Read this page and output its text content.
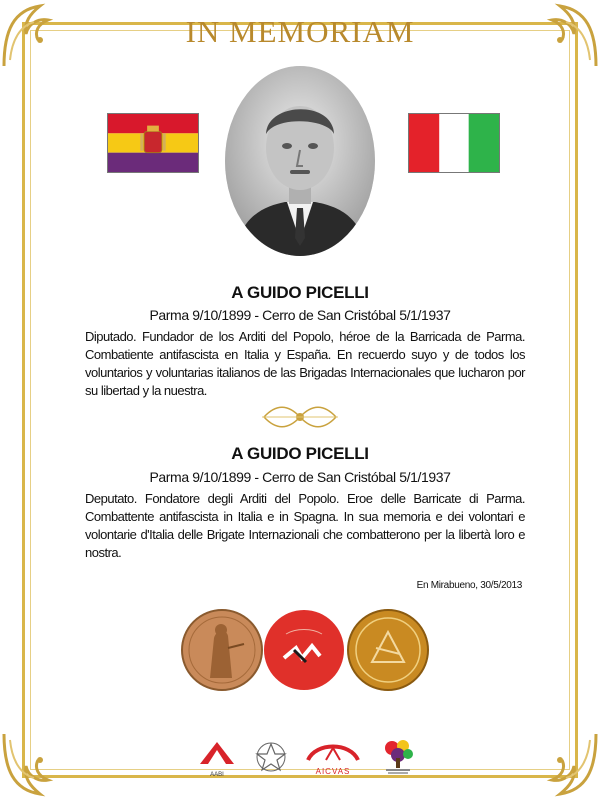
IN MEMORIAM
A GUIDO PICELLI
Parma 9/10/1899 - Cerro de San Cristóbal 5/1/1937
Diputado. Fundador de los Arditi del Popolo, héroe de la Barricada de Parma. Combatiente antifascista en Italia y España. En recuerdo suyo y de todos los voluntarios y voluntarias italianos de las Brigadas Internacionales que lucharon por su libertad y la nuestra.
A GUIDO PICELLI
Parma 9/10/1899 - Cerro de San Cristóbal 5/1/1937
Deputato. Fondatore degli Arditi del Popolo. Eroe delle Barricate di Parma. Combattente antifascista in Italia e in Spagna. In sua memoria e dei volontari e volontarie d'Italia delle Brigate Internazionali che combatterono per la libertà loro e nostra.
En Mirabueno, 30/5/2013
AABI	AICVAS
